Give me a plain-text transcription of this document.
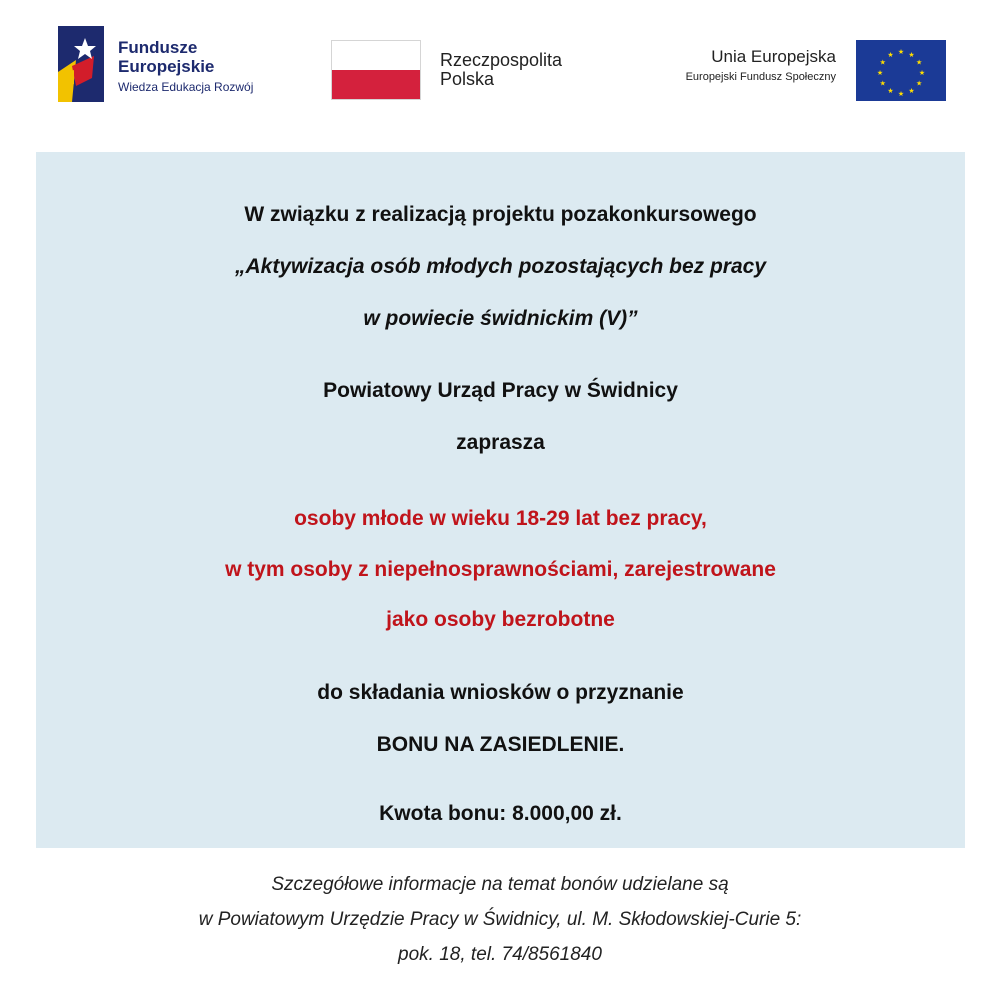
Fundusze
Europejskie
Wiedza Edukacja Rozwój
Rzeczpospolita
Polska
Unia Europejska
Europejski Fundusz Społeczny
★ ★
★
★
★
★
★
★
★
★
★
★
W związku z realizacją projektu pozakonkursowego
„Aktywizacja osób młodych pozostających bez pracy
w powiecie świdnickim (V)”
Powiatowy Urząd Pracy w Świdnicy
zaprasza
osoby młode w wieku 18-29 lat bez pracy,
w tym osoby z niepełnosprawnościami, zarejestrowane
jako osoby bezrobotne
do składania wniosków o przyznanie
BONU NA ZASIEDLENIE.
Kwota bonu: 8.000,00 zł.
Szczegółowe informacje na temat bonów udzielane są
w Powiatowym Urzędzie Pracy w Świdnicy, ul. M. Skłodowskiej-Curie 5:
pok. 18, tel. 74/8561840
